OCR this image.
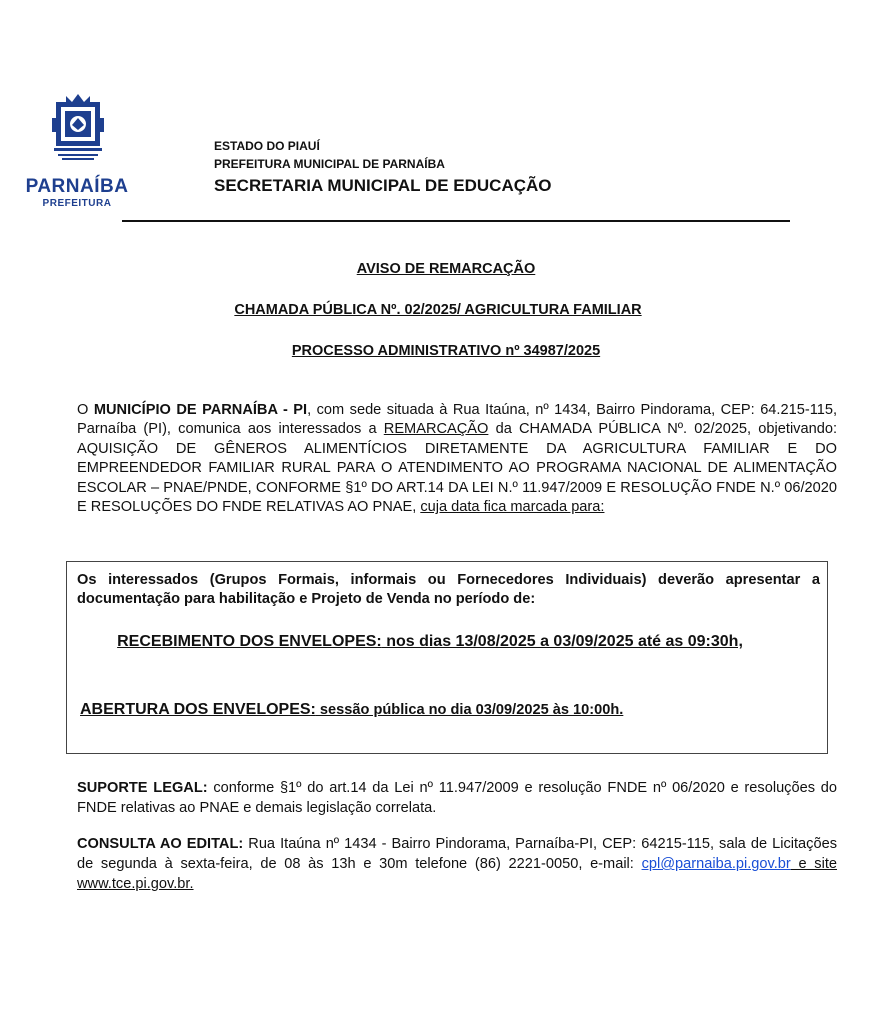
PARNAÍBA
PREFEITURA
ESTADO DO PIAUÍ
PREFEITURA MUNICIPAL DE PARNAÍBA
SECRETARIA MUNICIPAL DE EDUCAÇÃO
AVISO DE REMARCAÇÃO
CHAMADA PÚBLICA Nº. 02/2025/ AGRICULTURA FAMILIAR
PROCESSO ADMINISTRATIVO nº 34987/2025

O MUNICÍPIO DE PARNAÍBA - PI, com sede situada à Rua Itaúna, nº 1434, Bairro Pindorama, CEP: 64.215-115, Parnaíba (PI), comunica aos interessados a REMARCAÇÃO da CHAMADA PÚBLICA Nº. 02/2025, objetivando: AQUISIÇÃO DE GÊNEROS ALIMENTÍCIOS DIRETAMENTE DA AGRICULTURA FAMILIAR E DO EMPREENDEDOR FAMILIAR RURAL PARA O ATENDIMENTO AO PROGRAMA NACIONAL DE ALIMENTAÇÃO ESCOLAR – PNAE/PNDE, CONFORME §1º DO ART.14 DA LEI N.º 11.947/2009 E RESOLUÇÃO FNDE N.º 06/2020 E RESOLUÇÕES DO FNDE RELATIVAS AO PNAE, cuja data fica marcada para:

Os interessados (Grupos Formais, informais ou Fornecedores Individuais) deverão apresentar a documentação para habilitação e Projeto de Venda no período de:

RECEBIMENTO DOS ENVELOPES: nos dias 13/08/2025 a 03/09/2025 até as 09:30h,

ABERTURA DOS ENVELOPES: sessão pública no dia 03/09/2025 às 10:00h.

SUPORTE LEGAL: conforme §1º do art.14 da Lei nº 11.947/2009 e resolução FNDE nº 06/2020 e resoluções do FNDE relativas ao PNAE e demais legislação correlata.

CONSULTA AO EDITAL: Rua Itaúna nº 1434 - Bairro Pindorama, Parnaíba-PI, CEP: 64215-115, sala de Licitações de segunda à sexta-feira, de 08 às 13h e 30m telefone (86) 2221-0050, e-mail: cpl@parnaiba.pi.gov.br e site www.tce.pi.gov.br.
